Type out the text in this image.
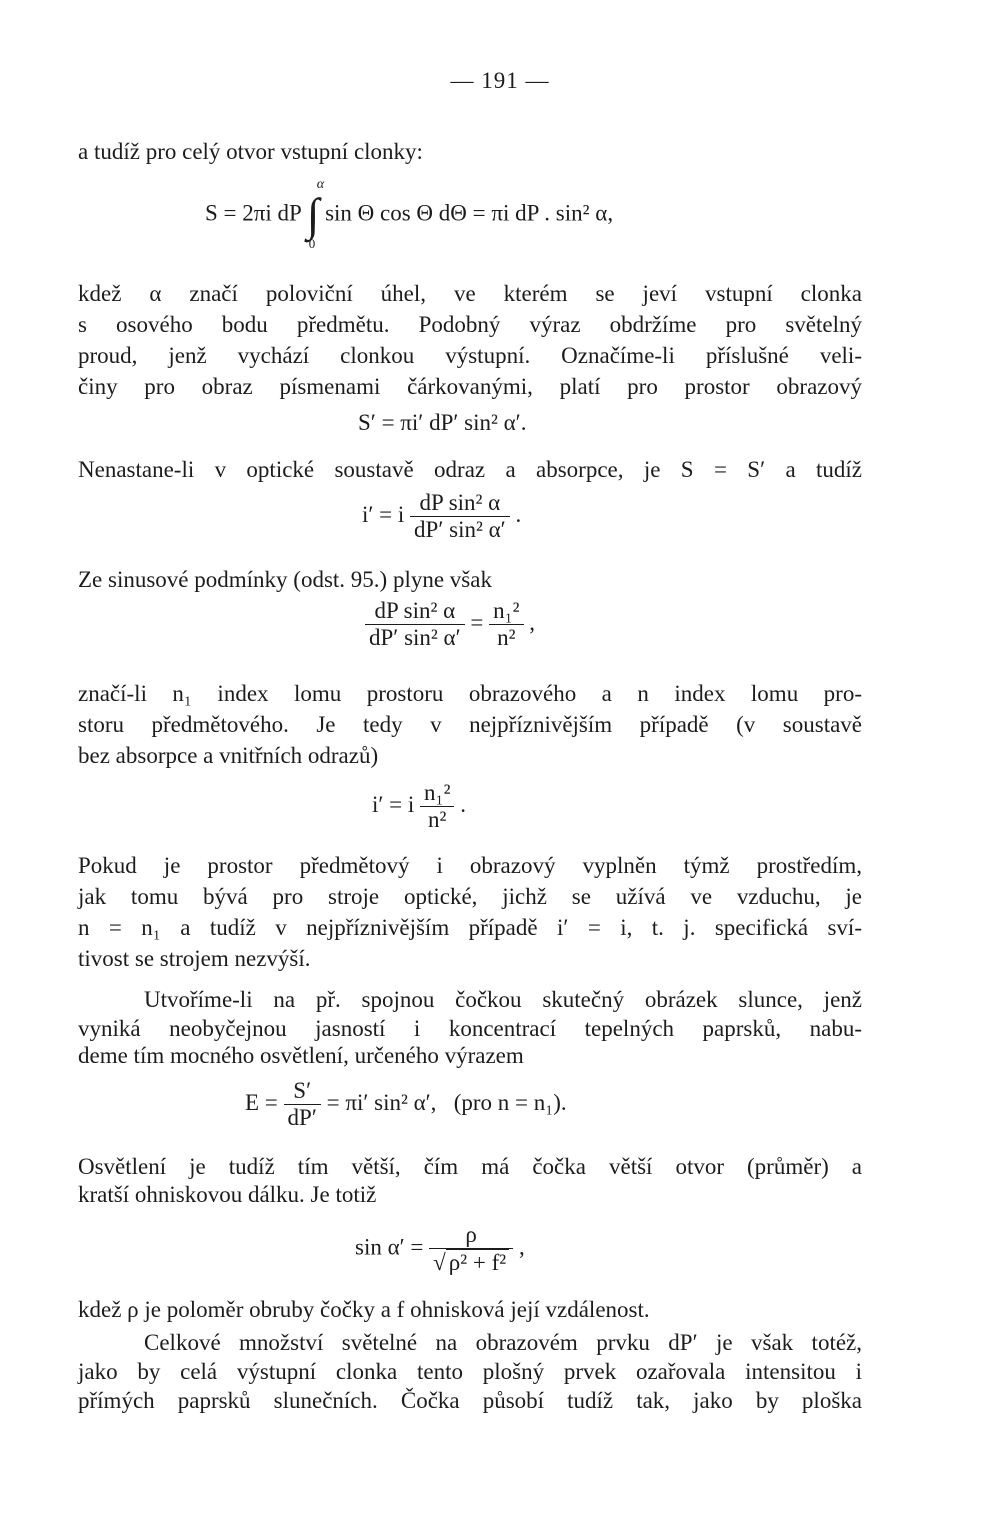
— 191 —
a tudíž pro celý otvor vstupní clonky:
S = 2πi dP ∫
α
0
sin Θ cos Θ dΘ = πi dP . sin² α,
kdež α značí poloviční úhel, ve kterém se jeví vstupní clonka
s osového bodu předmětu. Podobný výraz obdržíme pro světelný
proud, jenž vychází clonkou výstupní. Označíme-li příslušné veli-
činy pro obraz písmenami čárkovanými, platí pro prostor obrazový
S′ = πi′ dP′ sin² α′.
Nenastane-li v optické soustavě odraz a absorpce, je S = S′ a tudíž
i′ = i $\frac{\text{dP sin² α}}{\text{dP′ sin² α′}}$ .
Ze sinusové podmínky (odst. 95.) plyne však
$\frac{\text{dP sin² α}}{\text{dP′ sin² α′}} = \frac{\text{n₁²}}{\text{n²}}$ ,
značí-li n₁ index lomu prostoru obrazového a n index lomu pro-
storu předmětového. Je tedy v nejpříznivějším případě (v soustavě
bez absorpce a vnitřních odrazů)
i′ = i $\frac{\text{n₁²}}{\text{n²}}$ .
Pokud je prostor předmětový i obrazový vyplněn týmž prostředím,
jak tomu bývá pro stroje optické, jichž se užívá ve vzduchu, je
n = n₁ a tudíž v nejpříznivějším případě i′ = i, t. j. specifická sví-
tivost se strojem nezvýší.
Utvoříme-li na př. spojnou čočkou skutečný obrázek slunce, jenž
vyniká neobyčejnou jasností i koncentrací tepelných paprsků, nabu-
deme tím mocného osvětlení, určeného výrazem
$E = \frac{S'}{dP'} = \pi i'$ sin² α′, (pro n = n₁).
Osvětlení je tudíž tím větší, čím má čočka větší otvor (průměr) a
kratší ohniskovou dálku. Je totiž
$\sin \alpha' = \frac{\rho}{\text{√ ρ² + f²}}$ ,
kdež ρ je poloměr obruby čočky a f ohnisková její vzdálenost.
Celkové množství světelné na obrazovém prvku dP′ je však totéž,
jako by celá výstupní clonka tento plošný prvek ozařovala intensitou i
přímých paprsků slunečních. Čočka působí tudíž tak, jako by ploška
